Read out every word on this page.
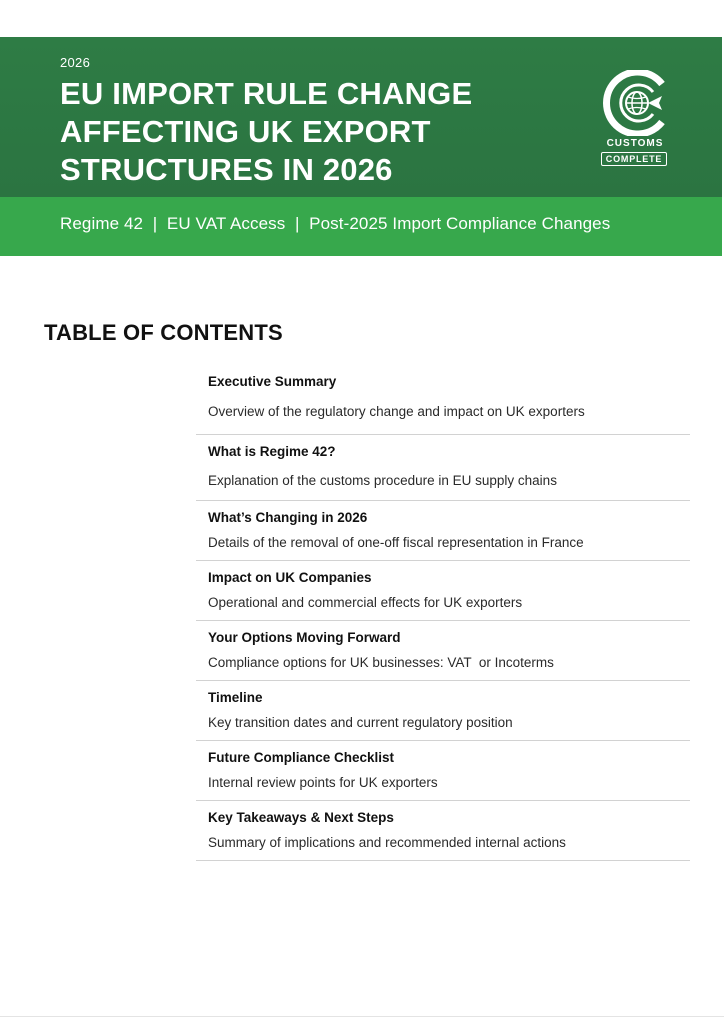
2026
EU IMPORT RULE CHANGE
AFFECTING UK EXPORT
STRUCTURES IN 2026
CUSTOMS
COMPLETE
Regime 42  |  EU VAT Access  |  Post-2025 Import Compliance Changes
TABLE OF CONTENTS
Executive Summary
Overview of the regulatory change and impact on UK exporters
What is Regime 42?
Explanation of the customs procedure in EU supply chains
What’s Changing in 2026
Details of the removal of one-off fiscal representation in France
Impact on UK Companies
Operational and commercial effects for UK exporters
Your Options Moving Forward
Compliance options for UK businesses: VAT  or Incoterms
Timeline
Key transition dates and current regulatory position
Future Compliance Checklist
Internal review points for UK exporters
Key Takeaways & Next Steps
Summary of implications and recommended internal actions
